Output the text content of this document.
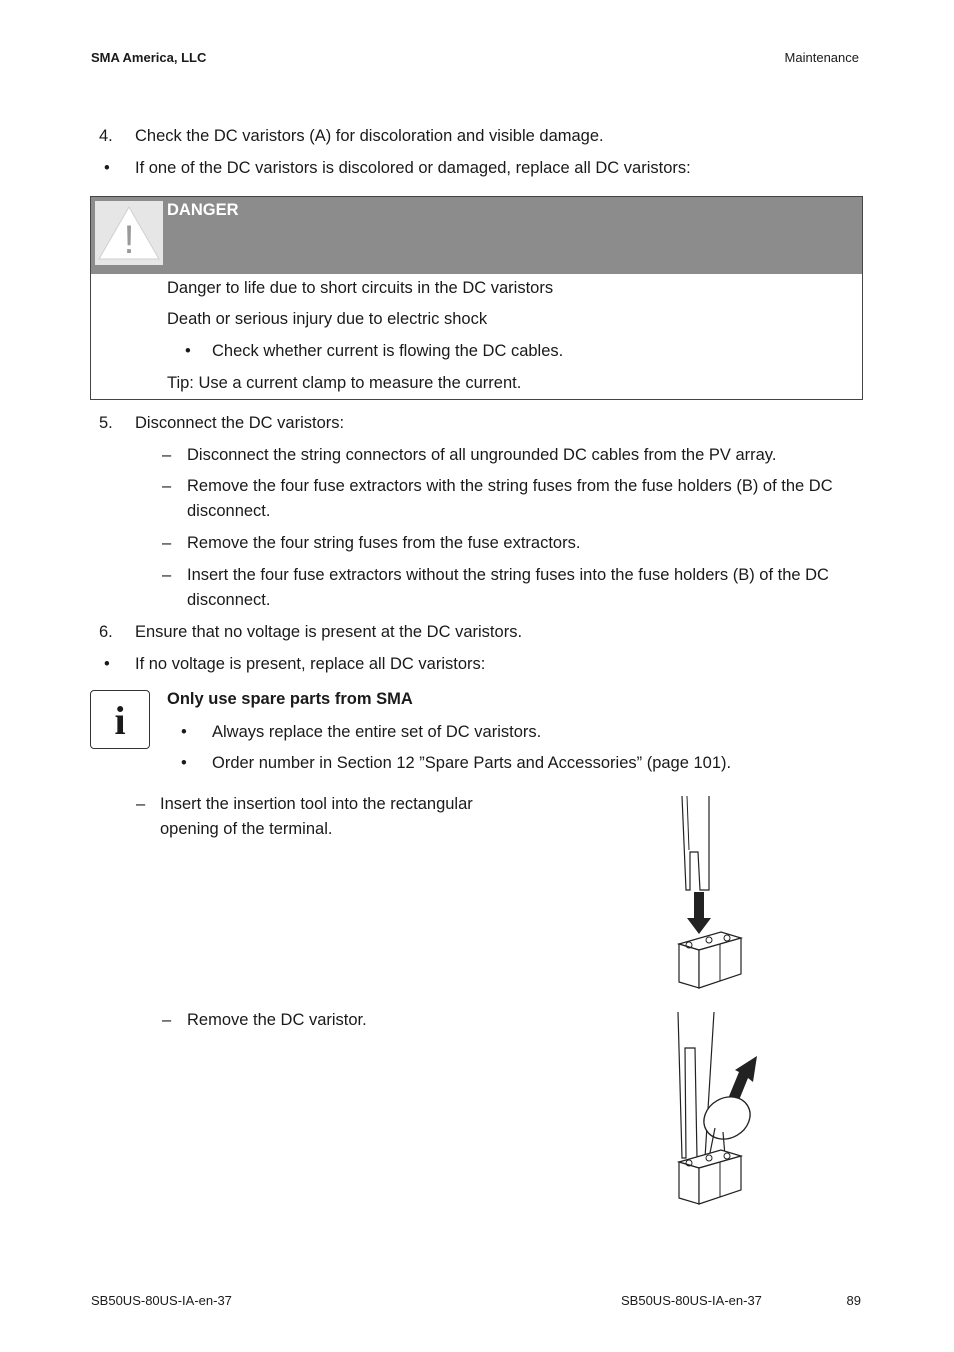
SMA America, LLC	Maintenance
4. Check the DC varistors (A) for discoloration and visible damage.
• If one of the DC varistors is discolored or damaged, replace all DC varistors:
!
DANGER
Danger to life due to short circuits in the DC varistors
Death or serious injury due to electric shock
• Check whether current is flowing the DC cables.
Tip: Use a current clamp to measure the current.
5. Disconnect the DC varistors:
– Disconnect the string connectors of all ungrounded DC cables from the PV array.
– Remove the four fuse extractors with the string fuses from the fuse holders (B) of the DC disconnect.
– Remove the four string fuses from the fuse extractors.
– Insert the four fuse extractors without the string fuses into the fuse holders (B) of the DC disconnect.
6. Ensure that no voltage is present at the DC varistors.
• If no voltage is present, replace all DC varistors:
i	Only use spare parts from SMA
• Always replace the entire set of DC varistors.
• Order number in Section 12 ”Spare Parts and Accessories” (page 101).
– Insert the insertion tool into the rectangular opening of the terminal.
– Remove the DC varistor.
SB50US-80US-IA-en-37	SB50US-80US-IA-en-37	89
